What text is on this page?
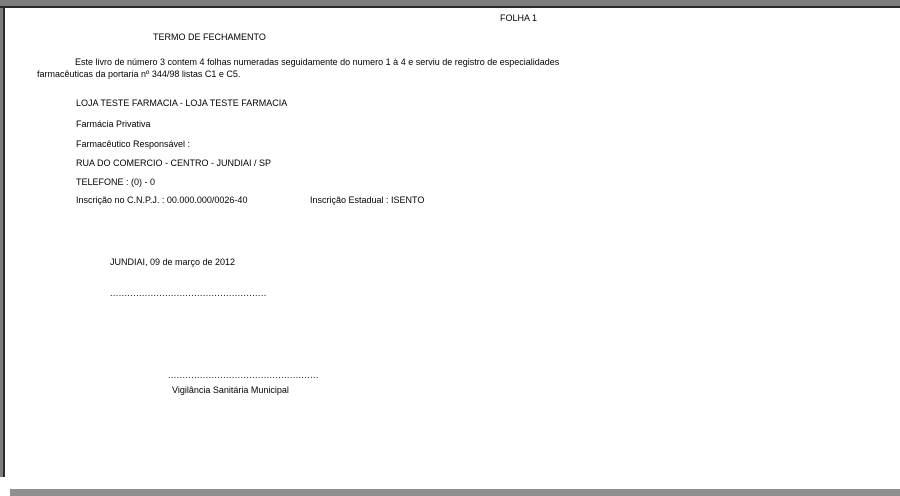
FOLHA 1
TERMO DE FECHAMENTO

Este livro de número 3 contem 4 folhas numeradas seguidamente do numero 1 à 4 e serviu de registro de especialidades farmacêuticas da portaria nº 344/98 listas C1 e C5.

LOJA TESTE FARMACIA - LOJA TESTE FARMACIA
Farmácia Privativa
Farmacêutico Responsável :
RUA DO COMERCIO - CENTRO - JUNDIAI / SP
TELEFONE : (0) - 0
Inscrição no C.N.P.J. : 00.000.000/0026-40	Inscrição Estadual : ISENTO
JUNDIAI, 09 de março de 2012
......................................................
....................................................
Vigilância Sanitária Municipal
